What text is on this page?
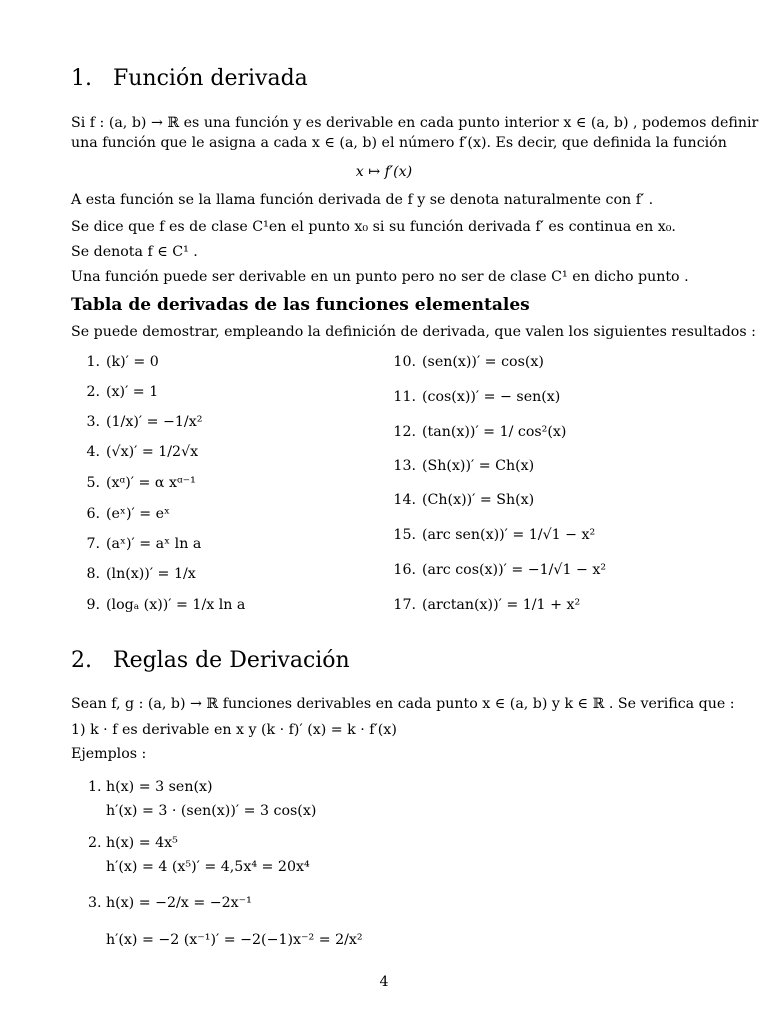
1. Función derivada
Si f : (a, b) → ℝ es una función y es derivable en cada punto interior x ∈ (a, b) , podemos definir
una función que le asigna a cada x ∈ (a, b) el número f′(x). Es decir, que definida la función
x ↦ f′(x)
A esta función se la llama función derivada de f y se denota naturalmente con f′ .
Se dice que f es de clase C¹en el punto x₀ si su función derivada f′ es continua en x₀.
Se denota f ∈ C¹ .
Una función puede ser derivable en un punto pero no ser de clase C¹ en dicho punto .
Tabla de derivadas de las funciones elementales
Se puede demostrar, empleando la definición de derivada, que valen los siguientes resultados :
1. (k)′ = 0
2. (x)′ = 1
3. (1/x)′ = −1/x²
4. (√x)′ = 1/2√x
5. (xᵅ)′ = α xᵅ⁻¹
6. (eˣ)′ = eˣ
7. (aˣ)′ = aˣ ln a
8. (ln(x))′ = 1/x
9. (logₐ (x))′ = 1/x ln a
10. (sen(x))′ = cos(x)
11. (cos(x))′ = − sen(x)
12. (tan(x))′ = 1/ cos²(x)
13. (Sh(x))′ = Ch(x)
14. (Ch(x))′ = Sh(x)
15. (arc sen(x))′ = 1/√1 − x²
16. (arc cos(x))′ = −1/√1 − x²
17. (arctan(x))′ = 1/1 + x²
2. Reglas de Derivación
Sean f, g : (a, b) → ℝ funciones derivables en cada punto x ∈ (a, b) y k ∈ ℝ . Se verifica que :
1) k · f es derivable en x y (k · f)′ (x) = k · f′(x)
Ejemplos :
1. h(x) = 3 sen(x)
h′(x) = 3 · (sen(x))′ = 3 cos(x)
2. h(x) = 4x⁵
h′(x) = 4 (x⁵)′ = 4,5x⁴ = 20x⁴
3. h(x) = −2/x = −2x⁻¹
h′(x) = −2 (x⁻¹)′ = −2(−1)x⁻² = 2/x²
4
